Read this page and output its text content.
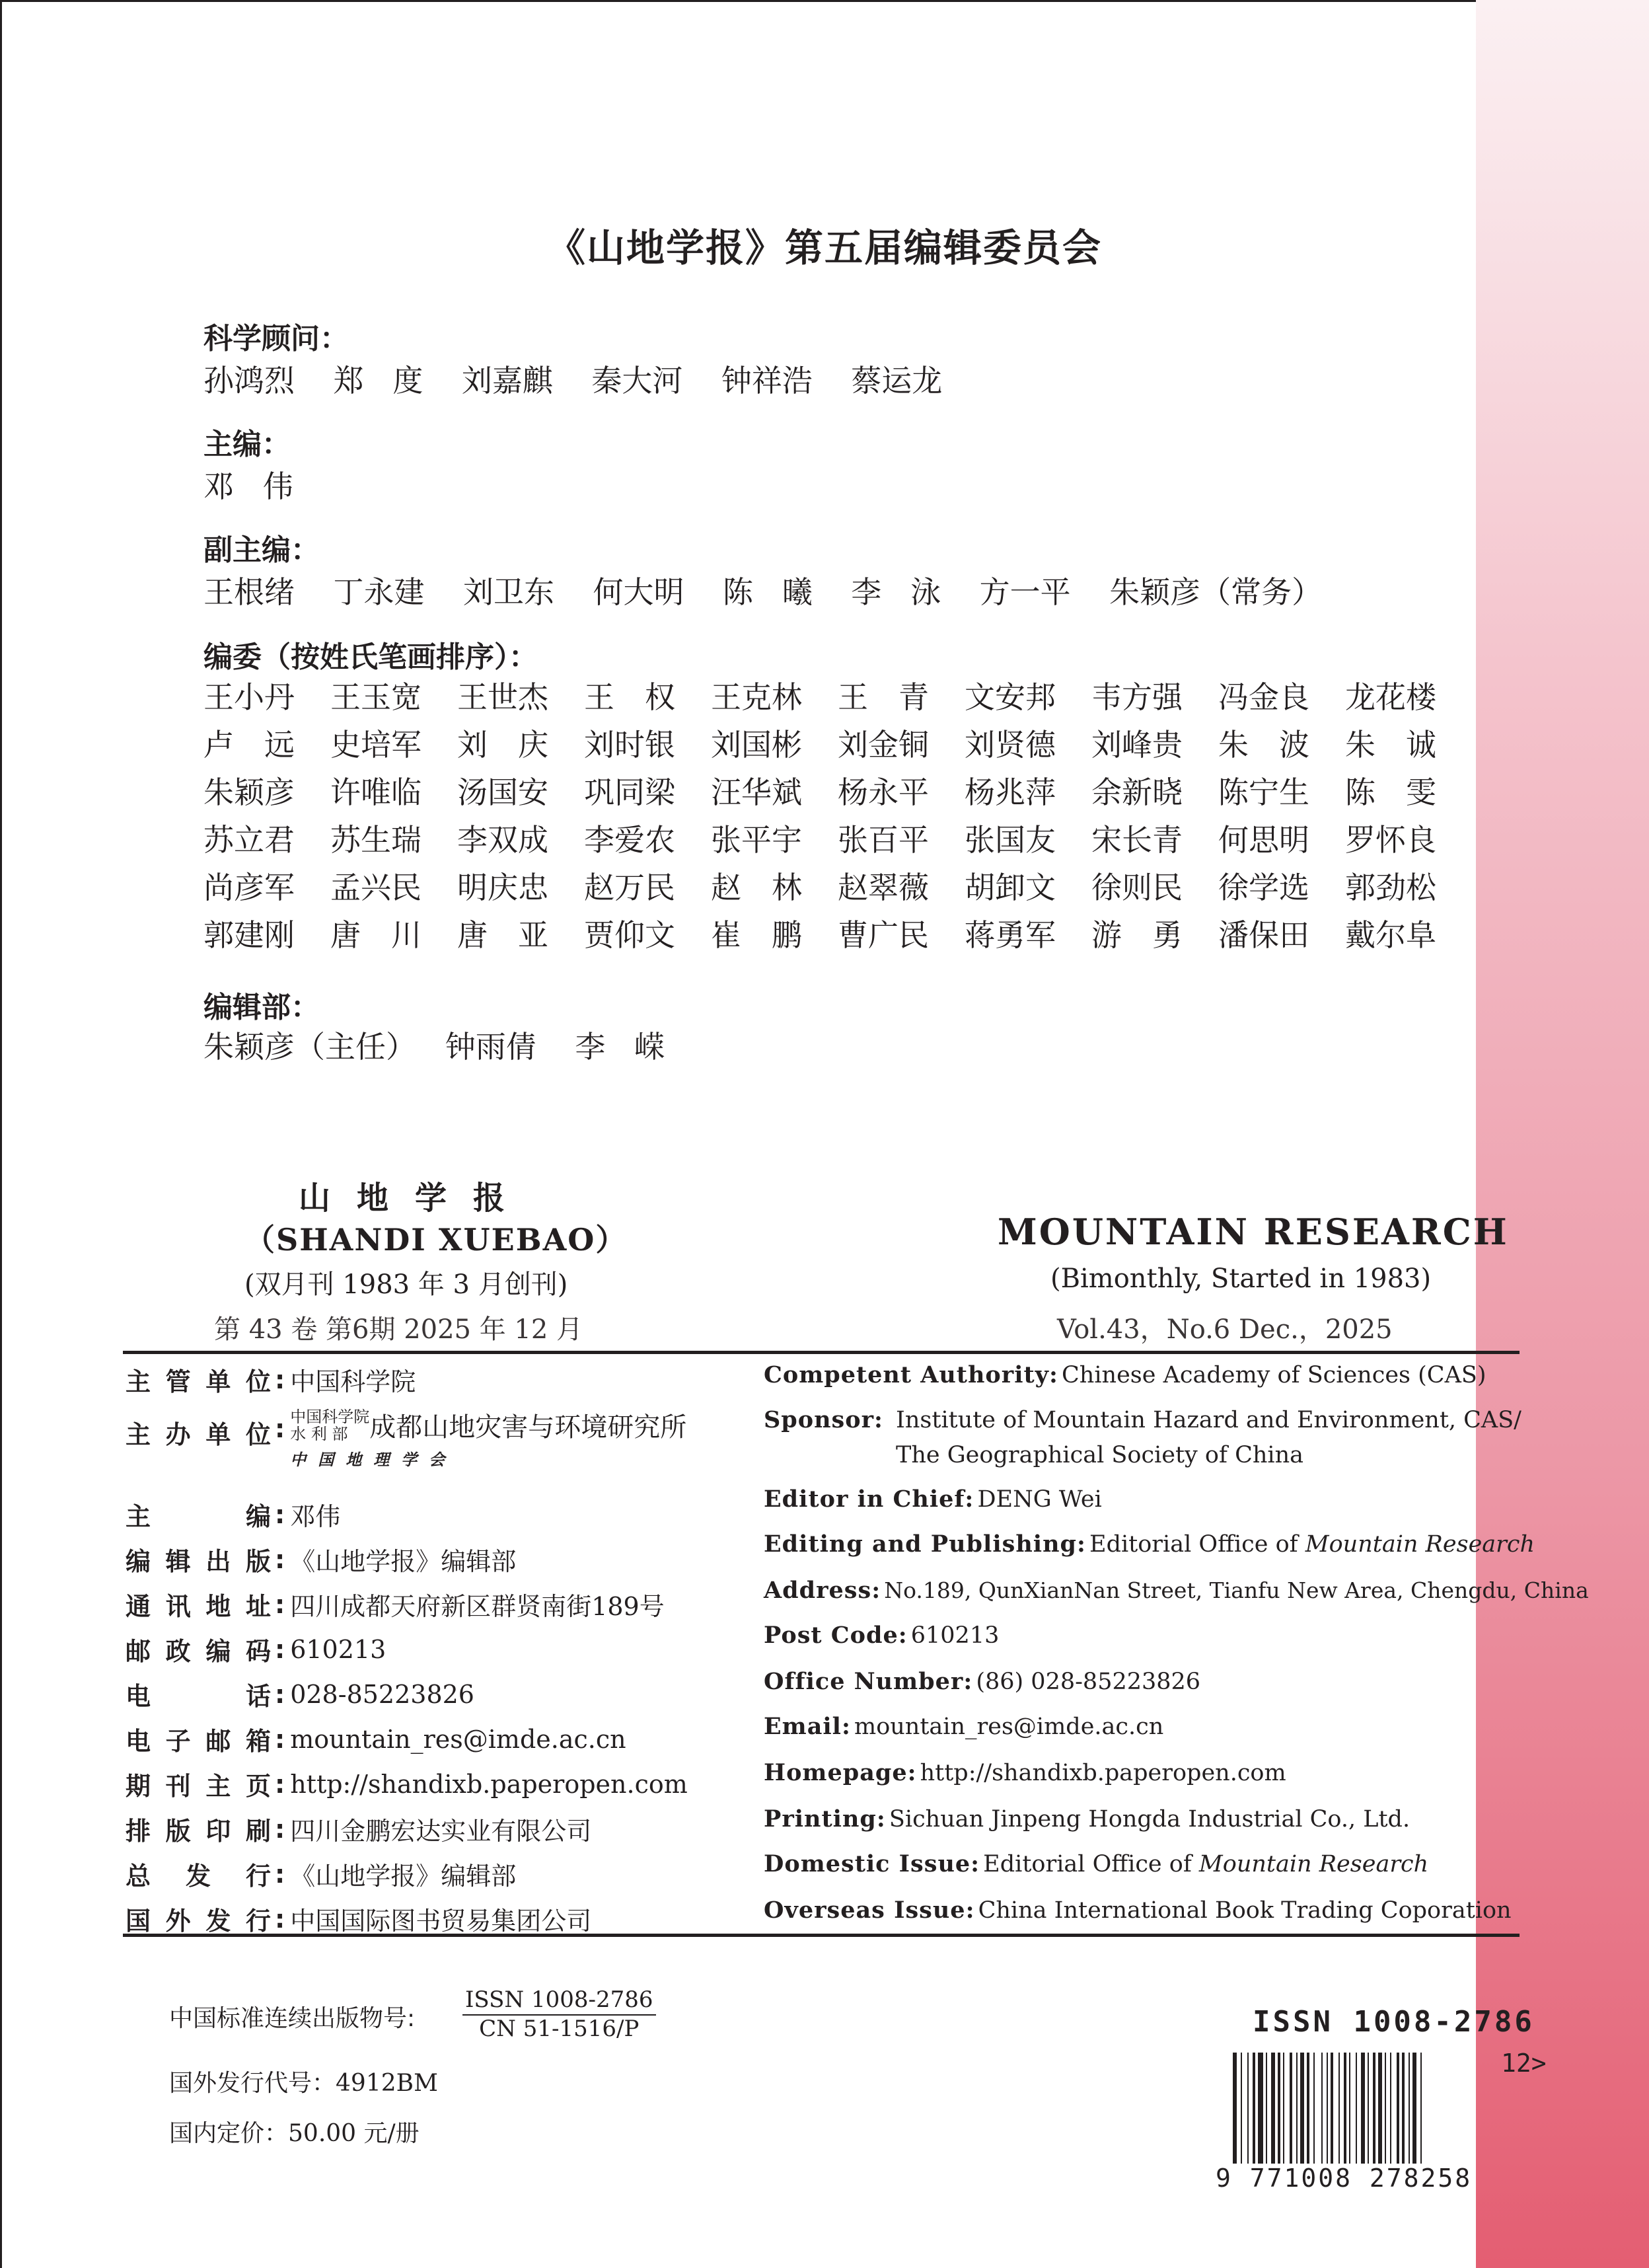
《山地学报》第五届编辑委员会
科学顾问：
孙鸿烈    郑   度    刘嘉麒    秦大河    钟祥浩    蔡运龙
主编：
邓   伟
副主编：
王根绪    丁永建    刘卫东    何大明    陈   曦    李   泳    方一平    朱颖彦（常务）
编委（按姓氏笔画排序）：
王小丹	王玉宽	王世杰	王　权	王克林	王　青	文安邦	韦方强	冯金良	龙花楼
卢　远	史培军	刘　庆	刘时银	刘国彬	刘金铜	刘贤德	刘峰贵	朱　波	朱　诚
朱颖彦	许唯临	汤国安	巩同梁	汪华斌	杨永平	杨兆萍	余新晓	陈宁生	陈　雯
苏立君	苏生瑞	李双成	李爱农	张平宇	张百平	张国友	宋长青	何思明	罗怀良
尚彦军	孟兴民	明庆忠	赵万民	赵　林	赵翠薇	胡卸文	徐则民	徐学选	郭劲松
郭建刚	唐　川	唐　亚	贾仰文	崔　鹏	曹广民	蒋勇军	游　勇	潘保田	戴尔阜
编辑部：
朱颖彦（主任）   钟雨倩    李   嵘
山地学报
（SHANDI XUEBAO）
(双月刊 1983 年 3 月创刊)
第 43 卷 第6期 2025 年 12 月
MOUNTAIN RESEARCH
(Bimonthly, Started in 1983)
Vol.43，No.6 Dec.，2025
主管单位 : 中国科学院
主办单位 : 中国科学院
水 利 部 成都山地灾害与环境研究所
中国地理学会
主编 : 邓伟
编辑出版 : 《山地学报》编辑部
通讯地址 : 四川成都天府新区群贤南街189号
邮政编码 : 610213
电话 : 028-85223826
电子邮箱 : mountain_res@imde.ac.cn
期刊主页 : http://shandixb.paperopen.com
排版印刷 : 四川金鹏宏达实业有限公司
总发行 : 《山地学报》编辑部
国外发行 : 中国国际图书贸易集团公司
Competent Authority: Chinese Academy of Sciences (CAS)
Sponsor: Institute of Mountain Hazard and Environment, CAS/
The Geographical Society of China
Editor in Chief: DENG Wei
Editing and Publishing: Editorial Office of Mountain Research
Address: No.189, QunXianNan Street, Tianfu New Area, Chengdu, China
Post Code: 610213
Office Number: (86) 028-85223826
Email: mountain_res@imde.ac.cn
Homepage: http://shandixb.paperopen.com
Printing: Sichuan Jinpeng Hongda Industrial Co., Ltd.
Domestic Issue: Editorial Office of Mountain Research
Overseas Issue: China International Book Trading Coporation
中国标准连续出版物号:
ISSN 1008-2786
CN 51-1516/P
国外发行代号：4912BM
国内定价：50.00 元/册
ISSN 1008-2786
12>
9 771008 278258
